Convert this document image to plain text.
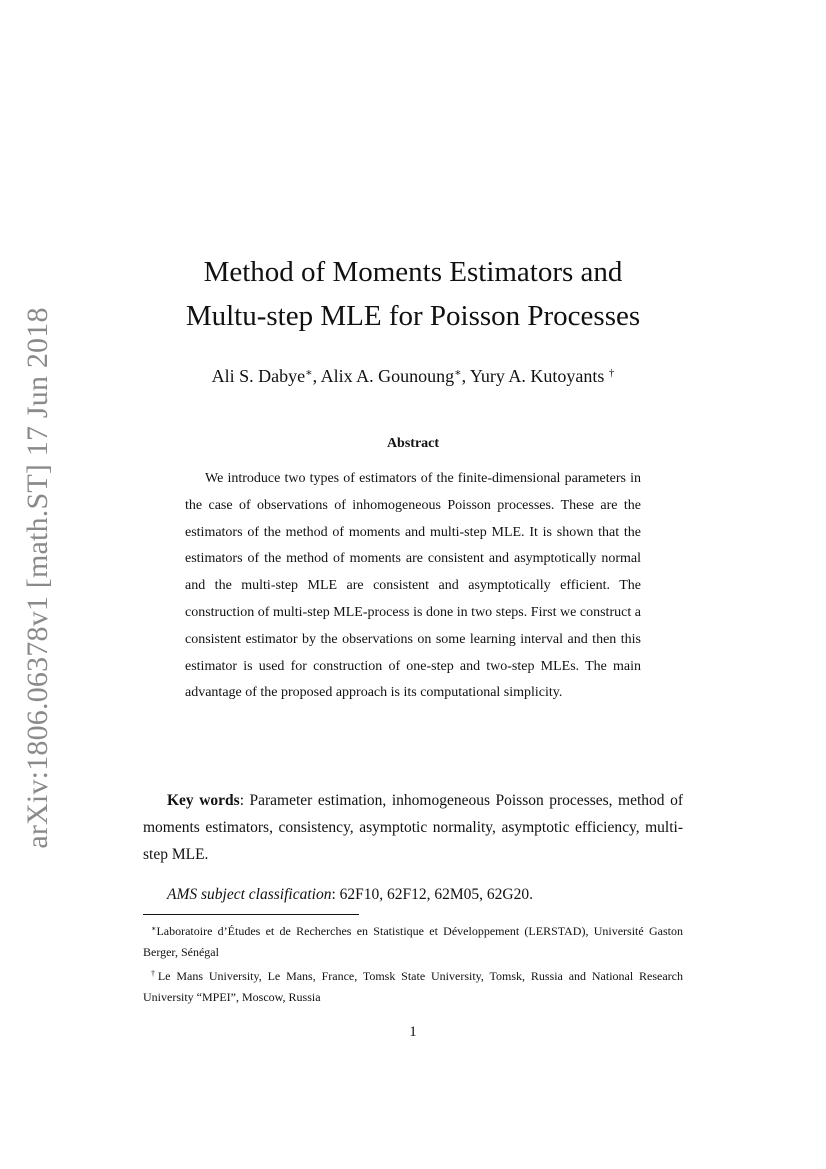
arXiv:1806.06378v1 [math.ST] 17 Jun 2018
Method of Moments Estimators and
Multu-step MLE for Poisson Processes
Ali S. Dabye∗, Alix A. Gounoung∗, Yury A. Kutoyants †
Abstract
We introduce two types of estimators of the finite-dimensional parameters in the case of observations of inhomogeneous Poisson processes. These are the estimators of the method of moments and multi-step MLE. It is shown that the estimators of the method of moments are consistent and asymptotically normal and the multi-step MLE are consistent and asymptotically efficient. The construction of multi-step MLE-process is done in two steps. First we construct a consistent estimator by the observations on some learning interval and then this estimator is used for construction of one-step and two-step MLEs. The main advantage of the proposed approach is its computational simplicity.
Key words: Parameter estimation, inhomogeneous Poisson processes, method of moments estimators, consistency, asymptotic normality, asymptotic efficiency, multi-step MLE.
AMS subject classification: 62F10, 62F12, 62M05, 62G20.

∗Laboratoire d’Études et de Recherches en Statistique et Développement (LERSTAD), Université Gaston Berger, Sénégal

†Le Mans University, Le Mans, France, Tomsk State University, Tomsk, Russia and National Research University “MPEI”, Moscow, Russia

1
